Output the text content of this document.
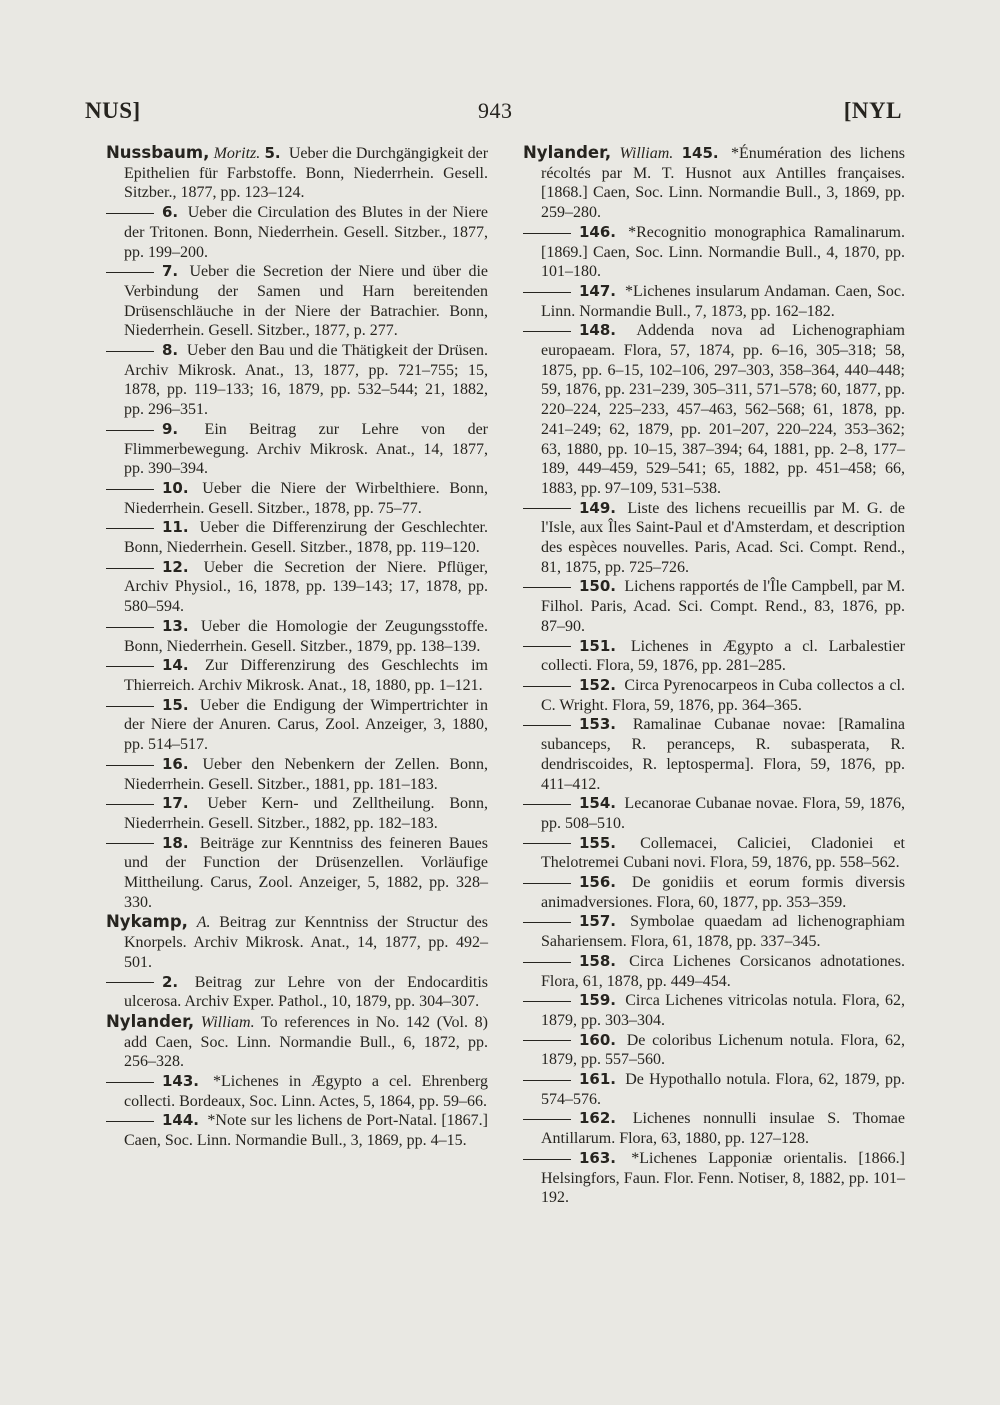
NUS]	943	[NYL

Nussbaum, Moritz. 5. Ueber die Durchgängigkeit der Epithelien für Farbstoffe. Bonn, Niederrhein. Gesell. Sitzber., 1877, pp. 123–124.

6. Ueber die Circulation des Blutes in der Niere der Tritonen. Bonn, Niederrhein. Gesell. Sitzber., 1877, pp. 199–200.

7. Ueber die Secretion der Niere und über die Verbindung der Samen und Harn bereitenden Drüsenschläuche in der Niere der Batrachier. Bonn, Niederrhein. Gesell. Sitzber., 1877, p. 277.

8. Ueber den Bau und die Thätigkeit der Drüsen. Archiv Mikrosk. Anat., 13, 1877, pp. 721–755; 15, 1878, pp. 119–133; 16, 1879, pp. 532–544; 21, 1882, pp. 296–351.

9. Ein Beitrag zur Lehre von der Flimmerbewegung. Archiv Mikrosk. Anat., 14, 1877, pp. 390–394.

10. Ueber die Niere der Wirbelthiere. Bonn, Niederrhein. Gesell. Sitzber., 1878, pp. 75–77.

11. Ueber die Differenzirung der Geschlechter. Bonn, Niederrhein. Gesell. Sitzber., 1878, pp. 119–120.

12. Ueber die Secretion der Niere. Pflüger, Archiv Physiol., 16, 1878, pp. 139–143; 17, 1878, pp. 580–594.

13. Ueber die Homologie der Zeugungsstoffe. Bonn, Niederrhein. Gesell. Sitzber., 1879, pp. 138–139.

14. Zur Differenzirung des Geschlechts im Thierreich. Archiv Mikrosk. Anat., 18, 1880, pp. 1–121.

15. Ueber die Endigung der Wimpertrichter in der Niere der Anuren. Carus, Zool. Anzeiger, 3, 1880, pp. 514–517.

16. Ueber den Nebenkern der Zellen. Bonn, Niederrhein. Gesell. Sitzber., 1881, pp. 181–183.

17. Ueber Kern- und Zelltheilung. Bonn, Niederrhein. Gesell. Sitzber., 1882, pp. 182–183.

18. Beiträge zur Kenntniss des feineren Baues und der Function der Drüsenzellen. Vorläufige Mittheilung. Carus, Zool. Anzeiger, 5, 1882, pp. 328–330.

Nykamp, A. Beitrag zur Kenntniss der Structur des Knorpels. Archiv Mikrosk. Anat., 14, 1877, pp. 492–501.

2. Beitrag zur Lehre von der Endocarditis ulcerosa. Archiv Exper. Pathol., 10, 1879, pp. 304–307.

Nylander, William. To references in No. 142 (Vol. 8) add Caen, Soc. Linn. Normandie Bull., 6, 1872, pp. 256–328.

143. *Lichenes in Ægypto a cel. Ehrenberg collecti. Bordeaux, Soc. Linn. Actes, 5, 1864, pp. 59–66.

144. *Note sur les lichens de Port-Natal. [1867.] Caen, Soc. Linn. Normandie Bull., 3, 1869, pp. 4–15.

Nylander, William. 145. *Énumération des lichens récoltés par M. T. Husnot aux Antilles françaises. [1868.] Caen, Soc. Linn. Normandie Bull., 3, 1869, pp. 259–280.

146. *Recognitio monographica Ramalinarum. [1869.] Caen, Soc. Linn. Normandie Bull., 4, 1870, pp. 101–180.

147. *Lichenes insularum Andaman. Caen, Soc. Linn. Normandie Bull., 7, 1873, pp. 162–182.

148. Addenda nova ad Lichenographiam europaeam. Flora, 57, 1874, pp. 6–16, 305–318; 58, 1875, pp. 6–15, 102–106, 297–303, 358–364, 440–448; 59, 1876, pp. 231–239, 305–311, 571–578; 60, 1877, pp. 220–224, 225–233, 457–463, 562–568; 61, 1878, pp. 241–249; 62, 1879, pp. 201–207, 220–224, 353–362; 63, 1880, pp. 10–15, 387–394; 64, 1881, pp. 2–8, 177–189, 449–459, 529–541; 65, 1882, pp. 451–458; 66, 1883, pp. 97–109, 531–538.

149. Liste des lichens recueillis par M. G. de l'Isle, aux Îles Saint-Paul et d'Amsterdam, et description des espèces nouvelles. Paris, Acad. Sci. Compt. Rend., 81, 1875, pp. 725–726.

150. Lichens rapportés de l'Île Campbell, par M. Filhol. Paris, Acad. Sci. Compt. Rend., 83, 1876, pp. 87–90.

151. Lichenes in Ægypto a cl. Larbalestier collecti. Flora, 59, 1876, pp. 281–285.

152. Circa Pyrenocarpeos in Cuba collectos a cl. C. Wright. Flora, 59, 1876, pp. 364–365.

153. Ramalinae Cubanae novae: [Ramalina subanceps, R. peranceps, R. subasperata, R. dendriscoides, R. leptosperma]. Flora, 59, 1876, pp. 411–412.

154. Lecanorae Cubanae novae. Flora, 59, 1876, pp. 508–510.

155. Collemacei, Caliciei, Cladoniei et Thelotremei Cubani novi. Flora, 59, 1876, pp. 558–562.

156. De gonidiis et eorum formis diversis animadversiones. Flora, 60, 1877, pp. 353–359.

157. Symbolae quaedam ad lichenographiam Sahariensem. Flora, 61, 1878, pp. 337–345.

158. Circa Lichenes Corsicanos adnotationes. Flora, 61, 1878, pp. 449–454.

159. Circa Lichenes vitricolas notula. Flora, 62, 1879, pp. 303–304.

160. De coloribus Lichenum notula. Flora, 62, 1879, pp. 557–560.

161. De Hypothallo notula. Flora, 62, 1879, pp. 574–576.

162. Lichenes nonnulli insulae S. Thomae Antillarum. Flora, 63, 1880, pp. 127–128.

163. *Lichenes Lapponiæ orientalis. [1866.] Helsingfors, Faun. Flor. Fenn. Notiser, 8, 1882, pp. 101–192.
